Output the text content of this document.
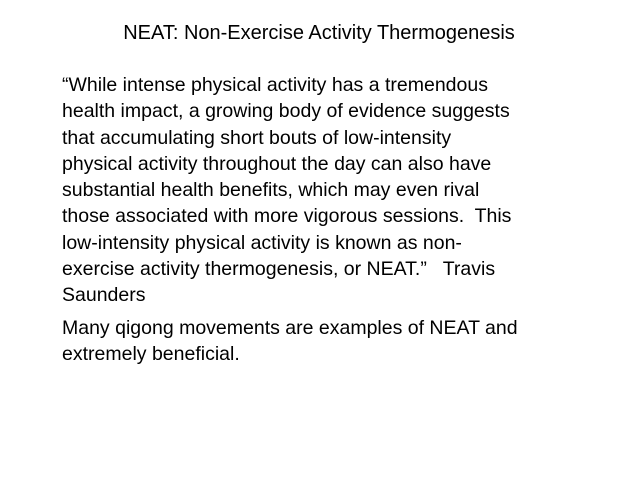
NEAT: Non-Exercise Activity Thermogenesis

“While intense physical activity has a tremendous
health impact, a growing body of evidence suggests
that accumulating short bouts of low-intensity
physical activity throughout the day can also have
substantial health benefits, which may even rival
those associated with more vigorous sessions.  This
low-intensity physical activity is known as non-
exercise activity thermogenesis, or NEAT.”   Travis
Saunders

Many qigong movements are examples of NEAT and
extremely beneficial.
